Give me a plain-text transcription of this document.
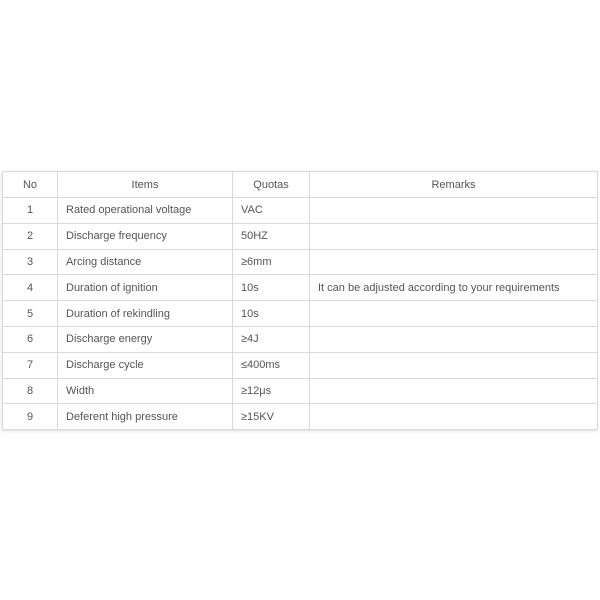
No	Items	Quotas	Remarks
1	Rated operational voltage	VAC	
2	Discharge frequency	50HZ	
3	Arcing distance	≥6mm	
4	Duration of ignition	10s	It can be adjusted according to your requirements
5	Duration of rekindling	10s	
6	Discharge energy	≥4J	
7	Discharge cycle	≤400ms	
8	Width	≥12μs	
9	Deferent high pressure	≥15KV	
